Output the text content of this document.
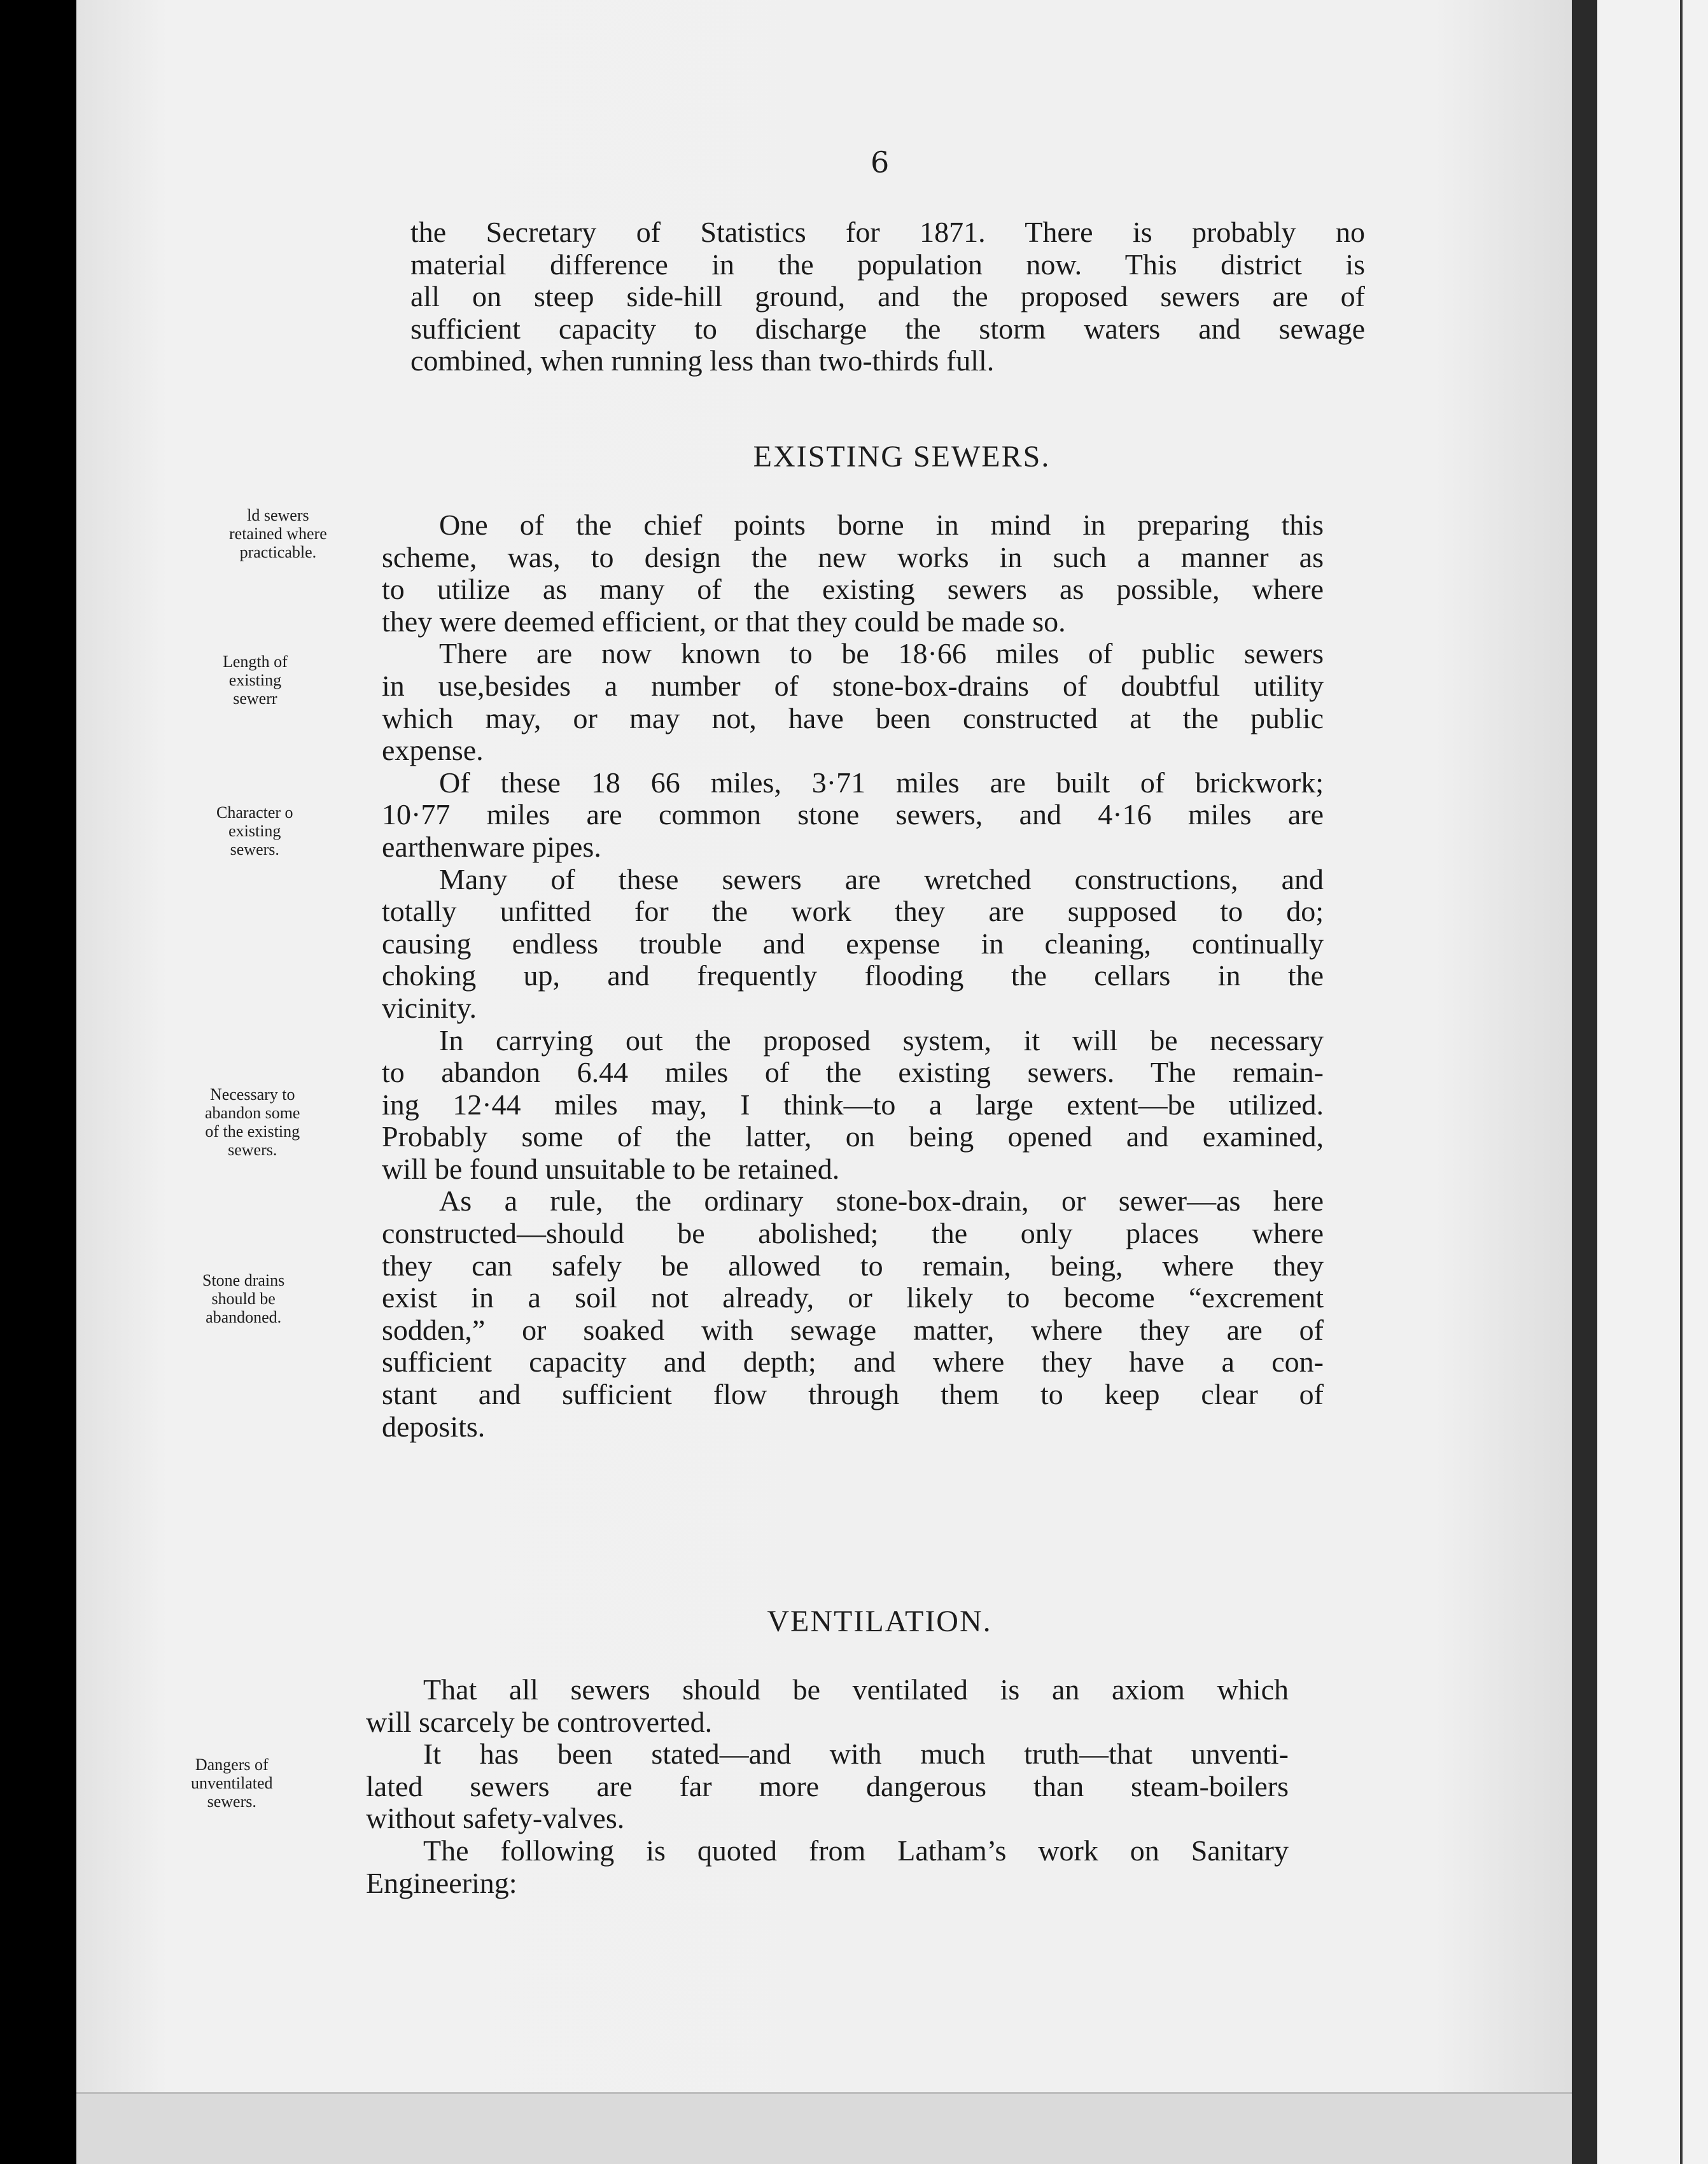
6
the Secretary of Statistics for 1871. There is probably no
material difference in the population now. This district is
all on steep side-hill ground, and the proposed sewers are of
sufficient capacity to discharge the storm waters and sewage
combined, when running less than two-thirds full.
EXISTING SEWERS.
One of the chief points borne in mind in preparing this
scheme, was, to design the new works in such a manner as
to utilize as many of the existing sewers as possible, where
they were deemed efficient, or that they could be made so.
There are now known to be 18·66 miles of public sewers
in use,besides a number of stone-box-drains of doubtful utility
which may, or may not, have been constructed at the public
expense.
Of these 18 66 miles, 3·71 miles are built of brickwork;
10·77 miles are common stone sewers, and 4·16 miles are
earthenware pipes.
Many of these sewers are wretched constructions, and
totally unfitted for the work they are supposed to do;
causing endless trouble and expense in cleaning, continually
choking up, and frequently flooding the cellars in the
vicinity.
In carrying out the proposed system, it will be necessary
to abandon 6.44 miles of the existing sewers. The remain-
ing 12·44 miles may, I think—to a large extent—be utilized.
Probably some of the latter, on being opened and examined,
will be found unsuitable to be retained.
As a rule, the ordinary stone-box-drain, or sewer—as here
constructed—should be abolished; the only places where
they can safely be allowed to remain, being, where they
exist in a soil not already, or likely to become “excrement
sodden,” or soaked with sewage matter, where they are of
sufficient capacity and depth; and where they have a con-
stant and sufficient flow through them to keep clear of
deposits.
VENTILATION.
That all sewers should be ventilated is an axiom which
will scarcely be controverted.
It has been stated—and with much truth—that unventi-
lated sewers are far more dangerous than steam-boilers
without safety-valves.
The following is quoted from Latham’s work on Sanitary
Engineering:
ld sewers
retained where
practicable.
Length of
existing
sewerr
Character o
existing
sewers.
Necessary to
abandon some
of the existing
sewers.
Stone drains
should be
abandoned.
Dangers of
unventilated
sewers.
